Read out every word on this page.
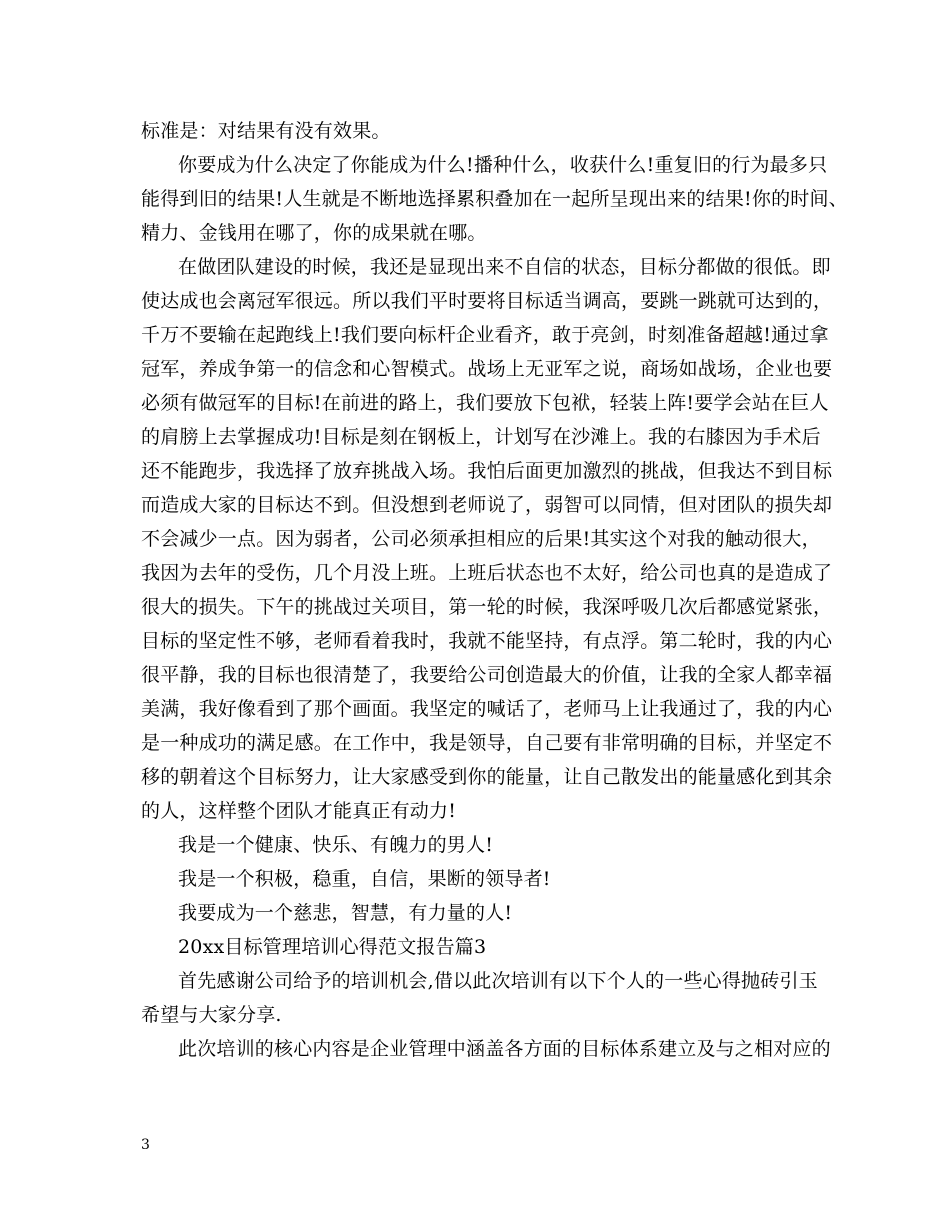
标准是：对结果有没有效果。
你要成为什么决定了你能成为什么!播种什么，收获什么!重复旧的行为最多只
能得到旧的结果!人生就是不断地选择累积叠加在一起所呈现出来的结果!你的时间、
精力、金钱用在哪了，你的成果就在哪。
在做团队建设的时候，我还是显现出来不自信的状态，目标分都做的很低。即
使达成也会离冠军很远。所以我们平时要将目标适当调高，要跳一跳就可达到的，
千万不要输在起跑线上!我们要向标杆企业看齐，敢于亮剑，时刻准备超越!通过拿
冠军，养成争第一的信念和心智模式。战场上无亚军之说，商场如战场，企业也要
必须有做冠军的目标!在前进的路上，我们要放下包袱，轻装上阵!要学会站在巨人
的肩膀上去掌握成功!目标是刻在钢板上，计划写在沙滩上。我的右膝因为手术后
还不能跑步，我选择了放弃挑战入场。我怕后面更加激烈的挑战，但我达不到目标
而造成大家的目标达不到。但没想到老师说了，弱智可以同情，但对团队的损失却
不会减少一点。因为弱者，公司必须承担相应的后果!其实这个对我的触动很大，
我因为去年的受伤，几个月没上班。上班后状态也不太好，给公司也真的是造成了
很大的损失。下午的挑战过关项目，第一轮的时候，我深呼吸几次后都感觉紧张，
目标的坚定性不够，老师看着我时，我就不能坚持，有点浮。第二轮时，我的内心
很平静，我的目标也很清楚了，我要给公司创造最大的价值，让我的全家人都幸福
美满，我好像看到了那个画面。我坚定的喊话了，老师马上让我通过了，我的内心
是一种成功的满足感。在工作中，我是领导，自己要有非常明确的目标，并坚定不
移的朝着这个目标努力，让大家感受到你的能量，让自己散发出的能量感化到其余
的人，这样整个团队才能真正有动力!
我是一个健康、快乐、有魄力的男人!
我是一个积极，稳重，自信，果断的领导者!
我要成为一个慈悲，智慧，有力量的人!
20xx目标管理培训心得范文报告篇3
首先感谢公司给予的培训机会,借以此次培训有以下个人的一些心得抛砖引玉
希望与大家分享.
此次培训的核心内容是企业管理中涵盖各方面的目标体系建立及与之相对应的
3
